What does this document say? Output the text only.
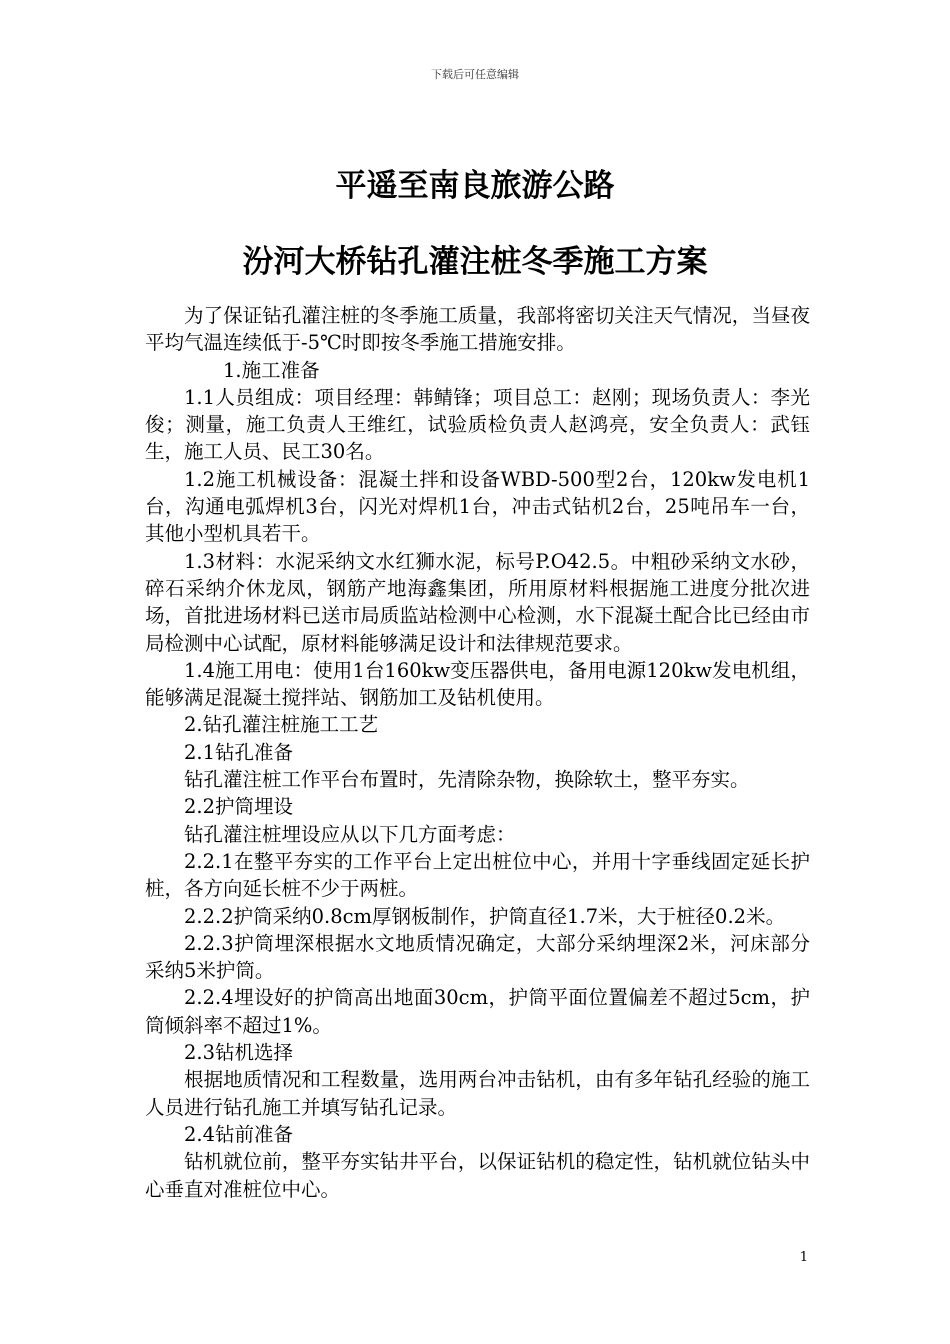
下载后可任意编辑
平遥至南良旅游公路
汾河大桥钻孔灌注桩冬季施工方案

为了保证钻孔灌注桩的冬季施工质量，我部将密切关注天气情况，当昼夜平均气温连续低于-5℃时即按冬季施工措施安排。

1.施工准备

1.1人员组成：项目经理：韩鲭锋；项目总工：赵刚；现场负责人：李光俊；测量，施工负责人王维红，试验质检负责人赵鸿亮，安全负责人：武钰生，施工人员、民工30名。

1.2施工机械设备：混凝土拌和设备WBD-500型2台，120kw发电机1台，沟通电弧焊机3台，闪光对焊机1台，冲击式钻机2台，25吨吊车一台，其他小型机具若干。

1.3材料：水泥采纳文水红狮水泥，标号P.O42.5。中粗砂采纳文水砂，碎石采纳介休龙凤，钢筋产地海鑫集团，所用原材料根据施工进度分批次进场，首批进场材料已送市局质监站检测中心检测，水下混凝土配合比已经由市局检测中心试配，原材料能够满足设计和法律规范要求。

1.4施工用电：使用1台160kw变压器供电，备用电源120kw发电机组，能够满足混凝土搅拌站、钢筋加工及钻机使用。

2.钻孔灌注桩施工工艺

2.1钻孔准备

钻孔灌注桩工作平台布置时，先清除杂物，换除软土，整平夯实。

2.2护筒埋设

钻孔灌注桩埋设应从以下几方面考虑：

2.2.1在整平夯实的工作平台上定出桩位中心，并用十字垂线固定延长护桩，各方向延长桩不少于两桩。

2.2.2护筒采纳0.8cm厚钢板制作，护筒直径1.7米，大于桩径0.2米。

2.2.3护筒埋深根据水文地质情况确定，大部分采纳埋深2米，河床部分采纳5米护筒。

2.2.4埋设好的护筒高出地面30cm，护筒平面位置偏差不超过5cm，护筒倾斜率不超过1%。

2.3钻机选择

根据地质情况和工程数量，选用两台冲击钻机，由有多年钻孔经验的施工人员进行钻孔施工并填写钻孔记录。

2.4钻前准备

钻机就位前，整平夯实钻井平台，以保证钻机的稳定性，钻机就位钻头中心垂直对准桩位中心。

1
